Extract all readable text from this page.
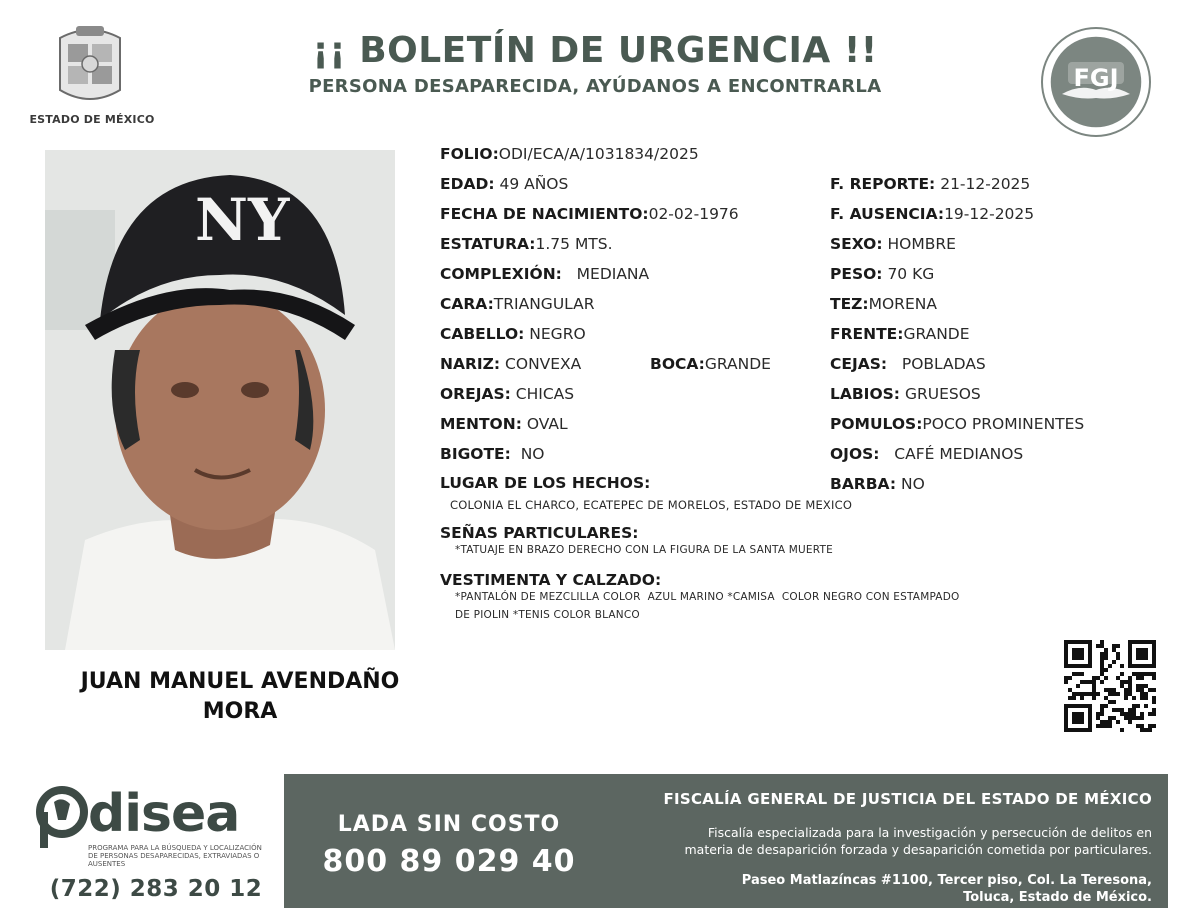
ESTADO DE MÉXICO
¡¡ BOLETÍN DE URGENCIA !!
PERSONA DESAPARECIDA, AYÚDANOS A ENCONTRARLA	FGJ
NY
JUAN MANUEL AVENDAÑO
MORA
FOLIO:ODI/ECA/A/1031834/2025
EDAD: 49 AÑOS
FECHA DE NACIMIENTO:02-02-1976
ESTATURA:1.75 MTS.
COMPLEXIÓN: MEDIANA
CARA:TRIANGULAR
CABELLO: NEGRO
NARIZ: CONVEXA	BOCA:GRANDE
OREJAS: CHICAS
MENTON: OVAL
BIGOTE: NO
F. REPORTE: 21-12-2025
F. AUSENCIA:19-12-2025
SEXO: HOMBRE
PESO: 70 KG
TEZ:MORENA
FRENTE:GRANDE
CEJAS: POBLADAS
LABIOS: GRUESOS
POMULOS:POCO PROMINENTES
OJOS: CAFÉ MEDIANOS
BARBA: NO
LUGAR DE LOS HECHOS:
COLONIA EL CHARCO, ECATEPEC DE MORELOS, ESTADO DE MEXICO
SEÑAS PARTICULARES:
*TATUAJE EN BRAZO DERECHO CON LA FIGURA DE LA SANTA MUERTE
VESTIMENTA Y CALZADO:
*PANTALÓN DE MEZCLILLA COLOR  AZUL MARINO *CAMISA  COLOR NEGRO CON ESTAMPADO
DE PIOLIN *TENIS COLOR BLANCO
disea
PROGRAMA PARA LA BÚSQUEDA Y LOCALIZACIÓN
DE PERSONAS DESAPARECIDAS, EXTRAVIADAS O
AUSENTES
(722) 283 20 12
LADA SIN COSTO
800 89 029 40
FISCALÍA GENERAL DE JUSTICIA DEL ESTADO DE MÉXICO
Fiscalía especializada para la investigación y persecución de delitos en
materia de desaparición forzada y desaparición cometida por particulares.
Paseo Matlazíncas #1100, Tercer piso, Col. La Teresona,
Toluca, Estado de México.
